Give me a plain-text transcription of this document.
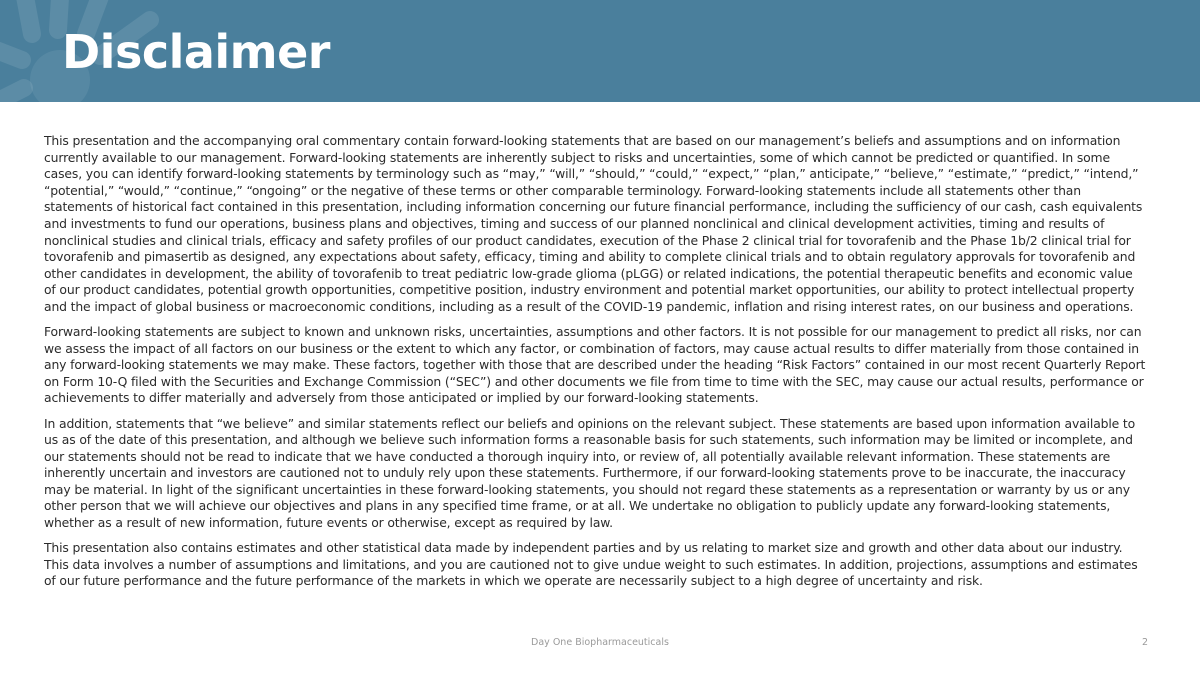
Disclaimer

This presentation and the accompanying oral commentary contain forward-looking statements that are based on our management’s beliefs and assumptions and on information currently available to our management. Forward-looking statements are inherently subject to risks and uncertainties, some of which cannot be predicted or quantified. In some cases, you can identify forward-looking statements by terminology such as “may,” “will,” “should,” “could,” “expect,” “plan,” anticipate,” “believe,” “estimate,” “predict,” “intend,” “potential,” “would,” “continue,” “ongoing” or the negative of these terms or other comparable terminology. Forward-looking statements include all statements other than statements of historical fact contained in this presentation, including information concerning our future financial performance, including the sufficiency of our cash, cash equivalents and investments to fund our operations, business plans and objectives, timing and success of our planned nonclinical and clinical development activities, timing and results of nonclinical studies and clinical trials, efficacy and safety profiles of our product candidates, execution of the Phase 2 clinical trial for tovorafenib and the Phase 1b/2 clinical trial for tovorafenib and pimasertib as designed, any expectations about safety, efficacy, timing and ability to complete clinical trials and to obtain regulatory approvals for tovorafenib and other candidates in development, the ability of tovorafenib to treat pediatric low-grade glioma (pLGG) or related indications, the potential therapeutic benefits and economic value of our product candidates, potential growth opportunities, competitive position, industry environment and potential market opportunities, our ability to protect intellectual property and the impact of global business or macroeconomic conditions, including as a result of the COVID-19 pandemic, inflation and rising interest rates, on our business and operations.

Forward-looking statements are subject to known and unknown risks, uncertainties, assumptions and other factors. It is not possible for our management to predict all risks, nor can we assess the impact of all factors on our business or the extent to which any factor, or combination of factors, may cause actual results to differ materially from those contained in any forward-looking statements we may make. These factors, together with those that are described under the heading “Risk Factors” contained in our most recent Quarterly Report on Form 10-Q filed with the Securities and Exchange Commission (“SEC”) and other documents we file from time to time with the SEC, may cause our actual results, performance or achievements to differ materially and adversely from those anticipated or implied by our forward-looking statements.

In addition, statements that “we believe” and similar statements reflect our beliefs and opinions on the relevant subject. These statements are based upon information available to us as of the date of this presentation, and although we believe such information forms a reasonable basis for such statements, such information may be limited or incomplete, and our statements should not be read to indicate that we have conducted a thorough inquiry into, or review of, all potentially available relevant information. These statements are inherently uncertain and investors are cautioned not to unduly rely upon these statements. Furthermore, if our forward-looking statements prove to be inaccurate, the inaccuracy may be material. In light of the significant uncertainties in these forward-looking statements, you should not regard these statements as a representation or warranty by us or any other person that we will achieve our objectives and plans in any specified time frame, or at all. We undertake no obligation to publicly update any forward-looking statements, whether as a result of new information, future events or otherwise, except as required by law.

This presentation also contains estimates and other statistical data made by independent parties and by us relating to market size and growth and other data about our industry. This data involves a number of assumptions and limitations, and you are cautioned not to give undue weight to such estimates. In addition, projections, assumptions and estimates of our future performance and the future performance of the markets in which we operate are necessarily subject to a high degree of uncertainty and risk.

Day One Biopharmaceuticals	2
